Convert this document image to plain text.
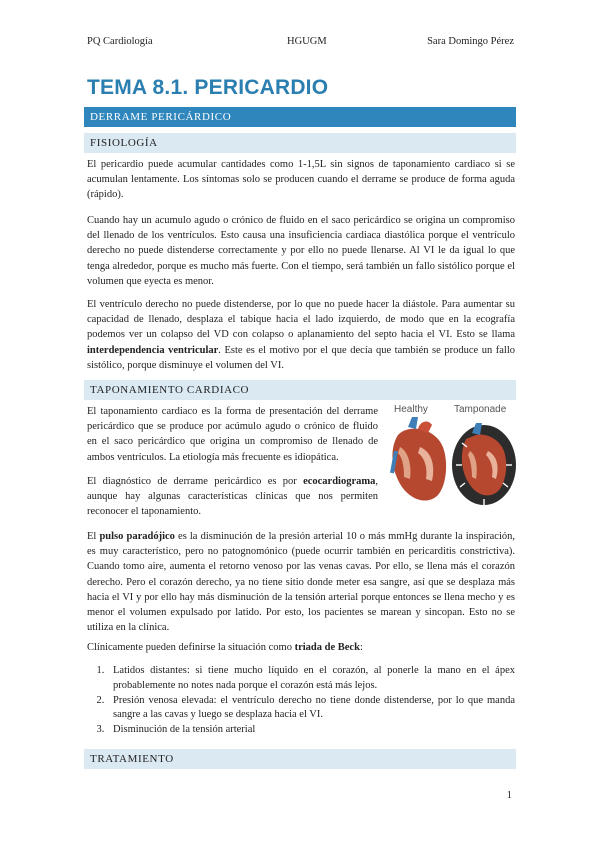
PQ Cardiología	HGUGM	Sara Domingo Pérez
TEMA 8.1. PERICARDIO
DERRAME PERICÁRDICO
FISIOLOGÍA

El pericardio puede acumular cantidades como 1-1,5L sin signos de taponamiento cardiaco si se acumulan lentamente. Los síntomas solo se producen cuando el derrame se produce de forma aguda (rápido).

Cuando hay un acumulo agudo o crónico de fluido en el saco pericárdico se origina un compromiso del llenado de los ventrículos. Esto causa una insuficiencia cardiaca diastólica porque el ventrículo derecho no puede distenderse correctamente y por ello no puede llenarse. Al VI le da igual lo que tenga alrededor, porque es mucho más fuerte. Con el tiempo, será también un fallo sistólico porque el volumen que eyecta es menor.

El ventrículo derecho no puede distenderse, por lo que no puede hacer la diástole. Para aumentar su capacidad de llenado, desplaza el tabique hacia el lado izquierdo, de modo que en la ecografía podemos ver un colapso del VD con colapso o aplanamiento del septo hacia el VI. Esto se llama interdependencia ventricular. Este es el motivo por el que decía que también se produce un fallo sistólico, porque disminuye el volumen del VI.

TAPONAMIENTO CARDIACO

El taponamiento cardiaco es la forma de presentación del derrame pericárdico que se produce por acúmulo agudo o crónico de fluido en el saco pericárdico que origina un compromiso de llenado de ambos ventrículos. La etiología más frecuente es idiopática.

El diagnóstico de derrame pericárdico es por ecocardiograma, aunque hay algunas características clínicas que nos permiten reconocer el taponamiento.

Healthy	Tamponade

El pulso paradójico es la disminución de la presión arterial 10 o más mmHg durante la inspiración, es muy característico, pero no patognomónico (puede ocurrir también en pericarditis constrictiva). Cuando tomo aire, aumenta el retorno venoso por las venas cavas. Por ello, se llena más el corazón derecho. Pero el corazón derecho, ya no tiene sitio donde meter esa sangre, así que se desplaza más hacia el VI y por ello hay más disminución de la tensión arterial porque entonces se llena mecho y es menor el volumen expulsado por latido. Por esto, los pacientes se marean y sincopan. Esto no se utiliza en la clínica.

Clínicamente pueden definirse la situación como triada de Beck:

1. Latidos distantes: si tiene mucho líquido en el corazón, al ponerle la mano en el ápex probablemente no notes nada porque el corazón está más lejos.
2. Presión venosa elevada: el ventrículo derecho no tiene donde distenderse, por lo que manda sangre a las cavas y luego se desplaza hacia el VI.
3. Disminución de la tensión arterial
TRATAMIENTO
1
